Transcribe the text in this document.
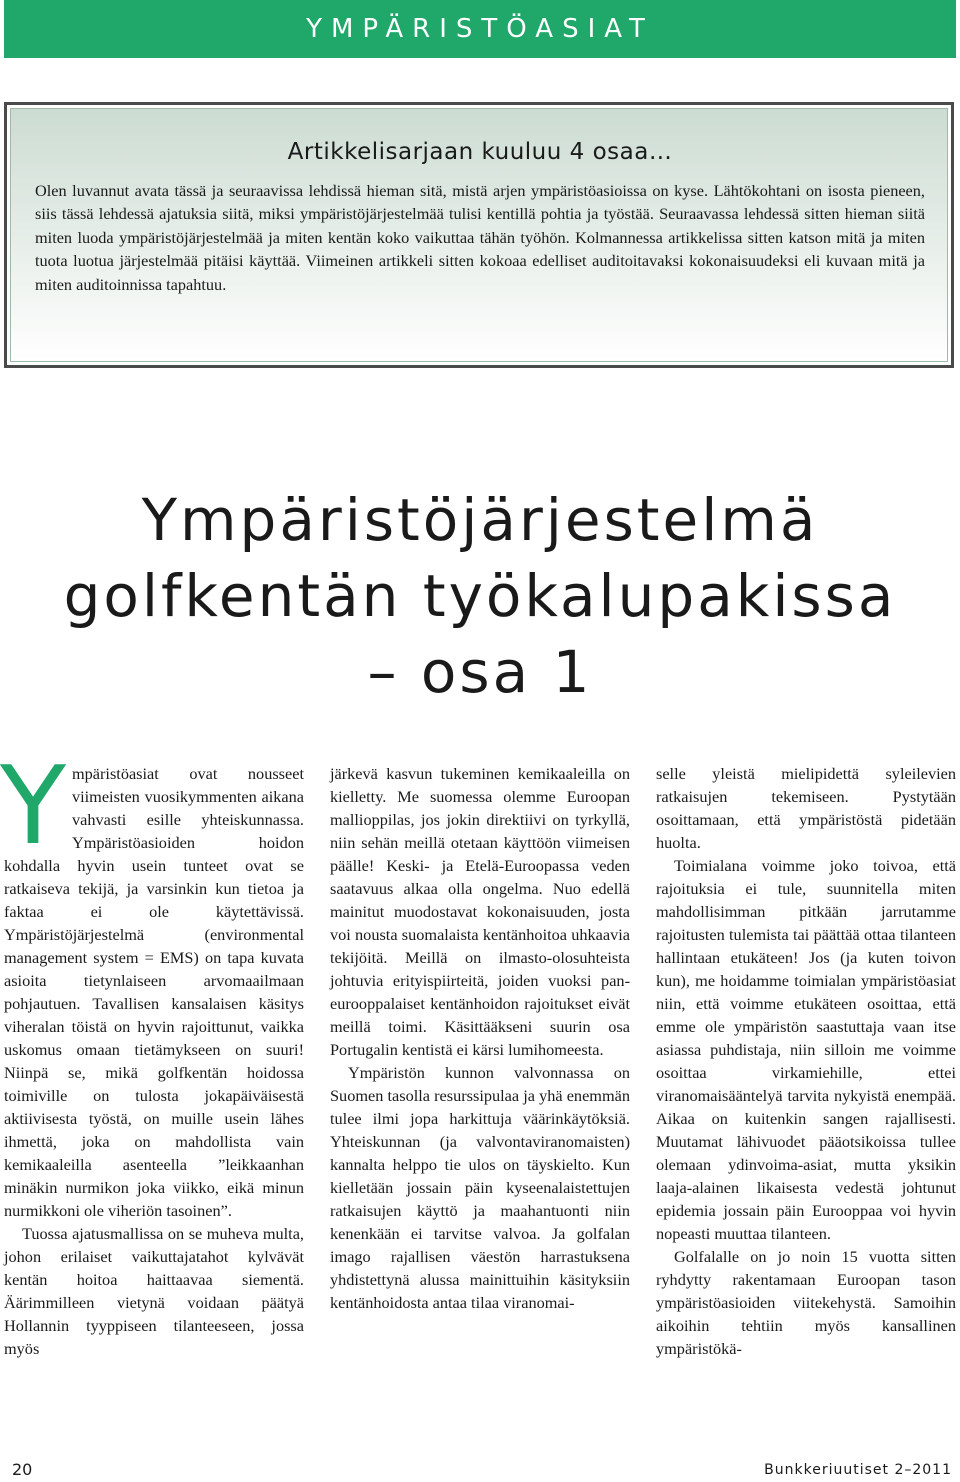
YMPÄRISTÖASIAT
Artikkelisarjaan kuuluu 4 osaa…

Olen luvannut avata tässä ja seuraavissa lehdissä hieman sitä, mistä arjen ympäristöasioissa on kyse. Lähtökohtani on isosta pieneen, siis tässä lehdessä ajatuksia siitä, miksi ympäristöjärjestelmää tulisi kentillä pohtia ja työstää. Seuraavassa lehdessä sitten hieman siitä miten luoda ympäristöjärjestelmää ja miten kentän koko vaikuttaa tähän työhön. Kolmannessa artikkelissa sitten katson mitä ja miten tuota luotua järjestelmää pitäisi käyttää. Viimeinen artikkeli sitten kokoaa edelliset auditoitavaksi kokonaisuudeksi eli kuvaan mitä ja miten auditoinnissa tapahtuu.

Ympäristöjärjestelmä
golfkentän työkalupakissa
– osa 1

Ympäristöasiat ovat nousseet viimeisten vuosikymmenten aikana vahvasti esille yhteiskunnassa. Ympäristöasioiden hoidon kohdalla hyvin usein tunteet ovat se ratkaiseva tekijä, ja varsinkin kun tietoa ja faktaa ei ole käytettävissä. Ympäristöjärjestelmä (environmental management system = EMS) on tapa kuvata asioita tietynlaiseen arvomaailmaan pohjautuen. Tavallisen kansalaisen käsitys viheralan töistä on hyvin rajoittunut, vaikka uskomus omaan tietämykseen on suuri! Niinpä se, mikä golfkentän hoidossa toimiville on tulosta jokapäiväisestä aktiivisesta työstä, on muille usein lähes ihmettä, joka on mahdollista vain kemikaaleilla asenteella ”leikkaanhan minäkin nurmikon joka viikko, eikä minun nurmikkoni ole viheriön tasoinen”.

Tuossa ajatusmallissa on se muheva multa, johon erilaiset vaikuttajatahot kylvävät kentän hoitoa haittaavaa siementä. Äärimmilleen vietynä voidaan päätyä Hollannin tyyppiseen tilanteeseen, jossa myös

järkevä kasvun tukeminen kemikaaleilla on kielletty. Me suomessa olemme Euroopan mallioppilas, jos jokin direktiivi on tyrkyllä, niin sehän meillä otetaan käyttöön viimeisen päälle! Keski- ja Etelä-Euroopassa veden saatavuus alkaa olla ongelma. Nuo edellä mainitut muodostavat kokonaisuuden, josta voi nousta suomalaista kentänhoitoa uhkaavia tekijöitä. Meillä on ilmasto-olosuhteista johtuvia erityispiirteitä, joiden vuoksi pan-eurooppalaiset kentänhoidon rajoitukset eivät meillä toimi. Käsittääkseni suurin osa Portugalin kentistä ei kärsi lumihomeesta.

Ympäristön kunnon valvonnassa on Suomen tasolla resurssipulaa ja yhä enemmän tulee ilmi jopa harkittuja väärinkäytöksiä. Yhteiskunnan (ja valvontaviranomaisten) kannalta helppo tie ulos on täyskielto. Kun kielletään jossain päin kyseenalaistettujen ratkaisujen käyttö ja maahantuonti niin kenenkään ei tarvitse valvoa. Ja golfalan imago rajallisen väestön harrastuksena yhdistettynä alussa mainittuihin käsityksiin kentänhoidosta antaa tilaa viranomai-

selle yleistä mielipidettä syleilevien ratkaisujen tekemiseen. Pystytään osoittamaan, että ympäristöstä pidetään huolta.

Toimialana voimme joko toivoa, että rajoituksia ei tule, suunnitella miten mahdollisimman pitkään jarrutamme rajoitusten tulemista tai päättää ottaa tilanteen hallintaan etukäteen! Jos (ja kuten toivon kun), me hoidamme toimialan ympäristöasiat niin, että voimme etukäteen osoittaa, että emme ole ympäristön saastuttaja vaan itse asiassa puhdistaja, niin silloin me voimme osoittaa virkamiehille, ettei viranomaisääntelyä tarvita nykyistä enempää. Aikaa on kuitenkin sangen rajallisesti. Muutamat lähivuodet pääotsikoissa tullee olemaan ydinvoima-asiat, mutta yksikin laaja-alainen likaisesta vedestä johtunut epidemia jossain päin Eurooppaa voi hyvin nopeasti muuttaa tilanteen.

Golfalalle on jo noin 15 vuotta sitten ryhdytty rakentamaan Euroopan tason ympäristöasioiden viitekehystä. Samoihin aikoihin tehtiin myös kansallinen ympäristökä-

20	Bunkkeriuutiset 2–2011
